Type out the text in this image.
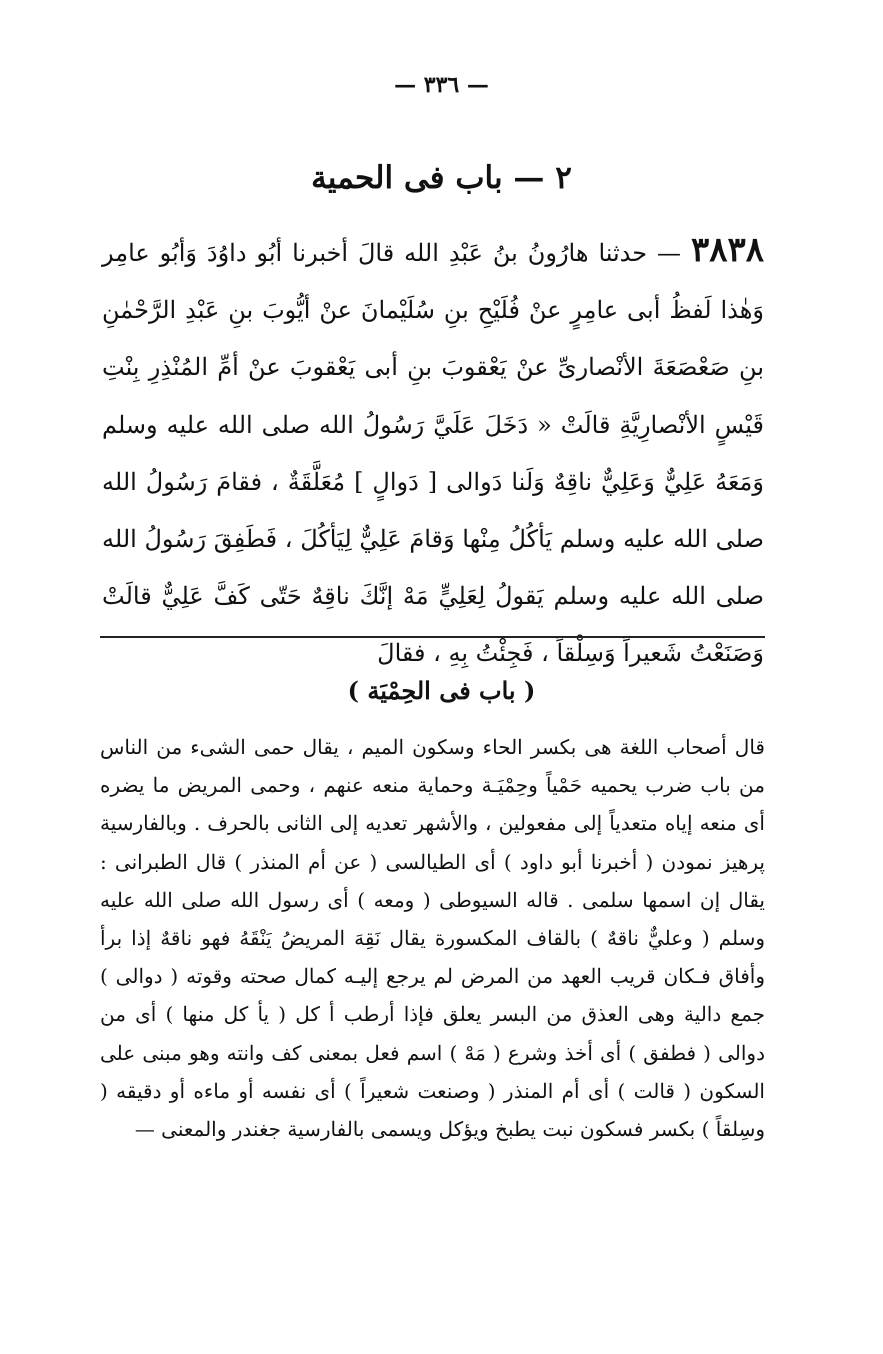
— ٣٣٦ —
٢ — باب فى الحمية
٣٨٣٨ — حدثنا هارُونُ بنُ عَبْدِ الله قالَ أخبرنا أبُو داوُدَ وَأبُو عامِر وَهٰذا لَفظُ أبى عامِرٍ عنْ فُلَيْحِ بنِ سُلَيْمانَ عنْ أيُّوبَ بنِ عَبْدِ الرَّحْمٰنِ بنِ صَعْصَعَةَ الأنْصارىِّ عنْ يَعْقوبَ بنِ أبى يَعْقوبَ عنْ أمِّ المُنْذِرِ بِنْتِ قَيْسٍ الأنْصارِيَّةِ قالَتْ « دَخَلَ عَلَيَّ رَسُولُ الله صلى الله عليه وسلم وَمَعَهُ عَلِيٌّ وَعَلِيٌّ ناقِهٌ وَلَنا دَوالى [ دَوالٍ ] مُعَلَّقَةٌ ، فقامَ رَسُولُ الله صلى الله عليه وسلم يَأكُلُ مِنْها وَقامَ عَلِيٌّ لِيَأكُلَ ، فَطَفِقَ رَسُولُ الله صلى الله عليه وسلم يَقولُ لِعَلِيٍّ مَهْ إنَّكَ ناقِهٌ حَتّى كَفَّ عَلِيٌّ قالَتْ وَصَنَعْتُ شَعيراً وَسِلْقاً ، فَجِئْتُ بِهِ ، فقالَ
( باب فى الحِمْيَة )
قال أصحاب اللغة هى بكسر الحاء وسكون الميم ، يقال حمى الشىء من الناس من باب ضرب يحميه حَمْياً وحِمْيَـة وحماية منعه عنهم ، وحمى المريض ما يضره أى منعه إياه متعدياً إلى مفعولين ، والأشهر تعديه إلى الثانى بالحرف . وبالفارسية پرهيز نمودن ( أخبرنا أبو داود ) أى الطيالسى ( عن أم المنذر ) قال الطبرانى : يقال إن اسمها سلمى . قاله السيوطى ( ومعه ) أى رسول الله صلى الله عليه وسلم ( وعليٌّ ناقهٌ ) بالقاف المكسورة يقال نَقِهَ المريضُ يَنْقَهُ فهو ناقهٌ إذا برأ وأفاق فـكان قريب العهد من المرض لم يرجع إليـه كمال صحته وقوته ( دوالى ) جمع دالية وهى العذق من البسر يعلق فإذا أرطب أ كل ( يأ كل منها ) أى من دوالى ( فطفق ) أى أخذ وشرع ( مَهْ ) اسم فعل بمعنى كف وانته وهو مبنى على السكون ( قالت ) أى أم المنذر ( وصنعت شعيراً ) أى نفسه أو ماءه أو دقيقه ( وسِلقاً ) بكسر فسكون نبت يطبخ ويؤكل ويسمى بالفارسية جغندر والمعنى —
